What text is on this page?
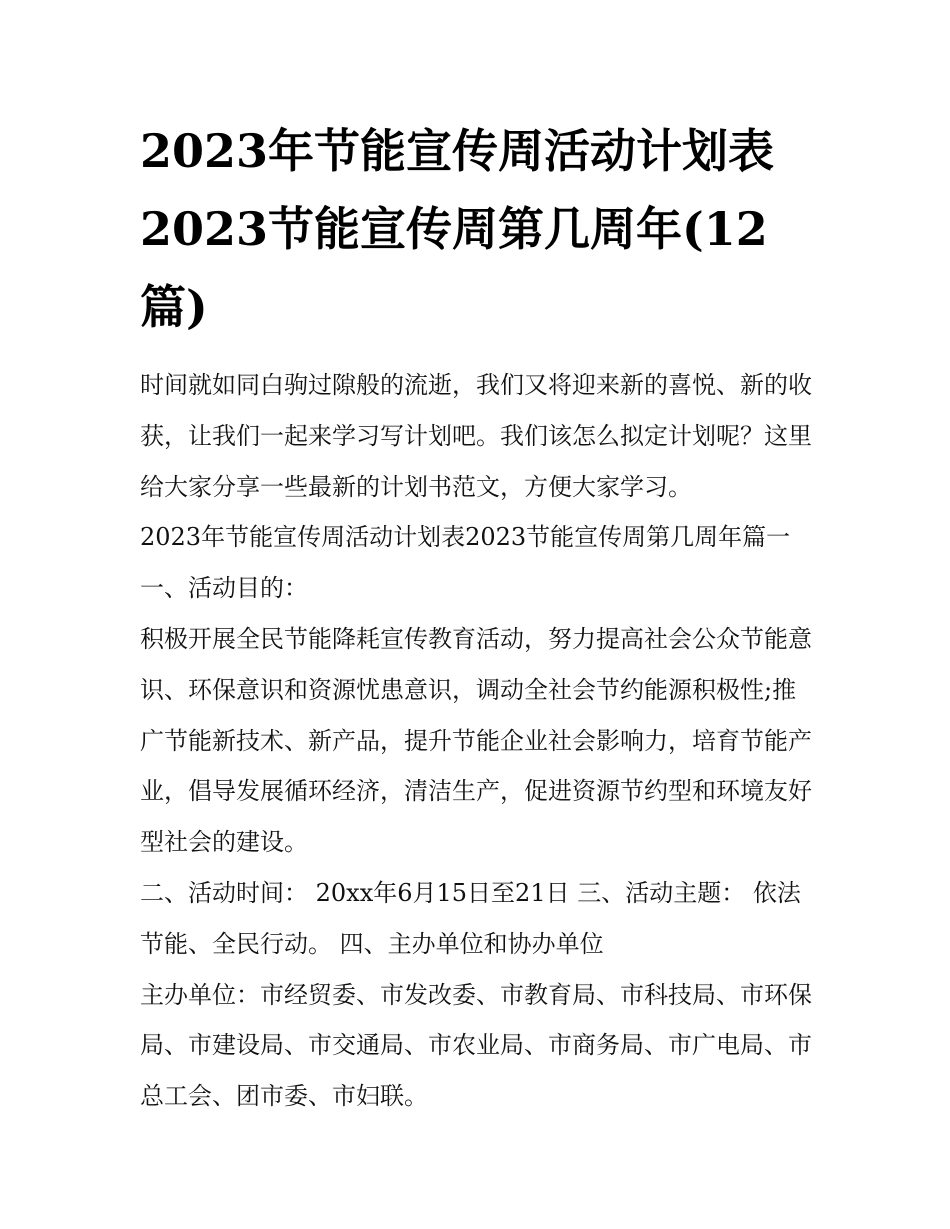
2023年节能宣传周活动计划表2023节能宣传周第几周年(12篇)

时间就如同白驹过隙般的流逝，我们又将迎来新的喜悦、新的收获，让我们一起来学习写计划吧。我们该怎么拟定计划呢？这里给大家分享一些最新的计划书范文，方便大家学习。

2023年节能宣传周活动计划表2023节能宣传周第几周年篇一

一、活动目的：

积极开展全民节能降耗宣传教育活动，努力提高社会公众节能意识、环保意识和资源忧患意识，调动全社会节约能源积极性;推广节能新技术、新产品，提升节能企业社会影响力，培育节能产业，倡导发展循环经济，清洁生产，促进资源节约型和环境友好型社会的建设。

二、活动时间： 20xx年6月15日至21日 三、活动主题： 依法节能、全民行动。 四、主办单位和协办单位

主办单位：市经贸委、市发改委、市教育局、市科技局、市环保局、市建设局、市交通局、市农业局、市商务局、市广电局、市总工会、团市委、市妇联。
